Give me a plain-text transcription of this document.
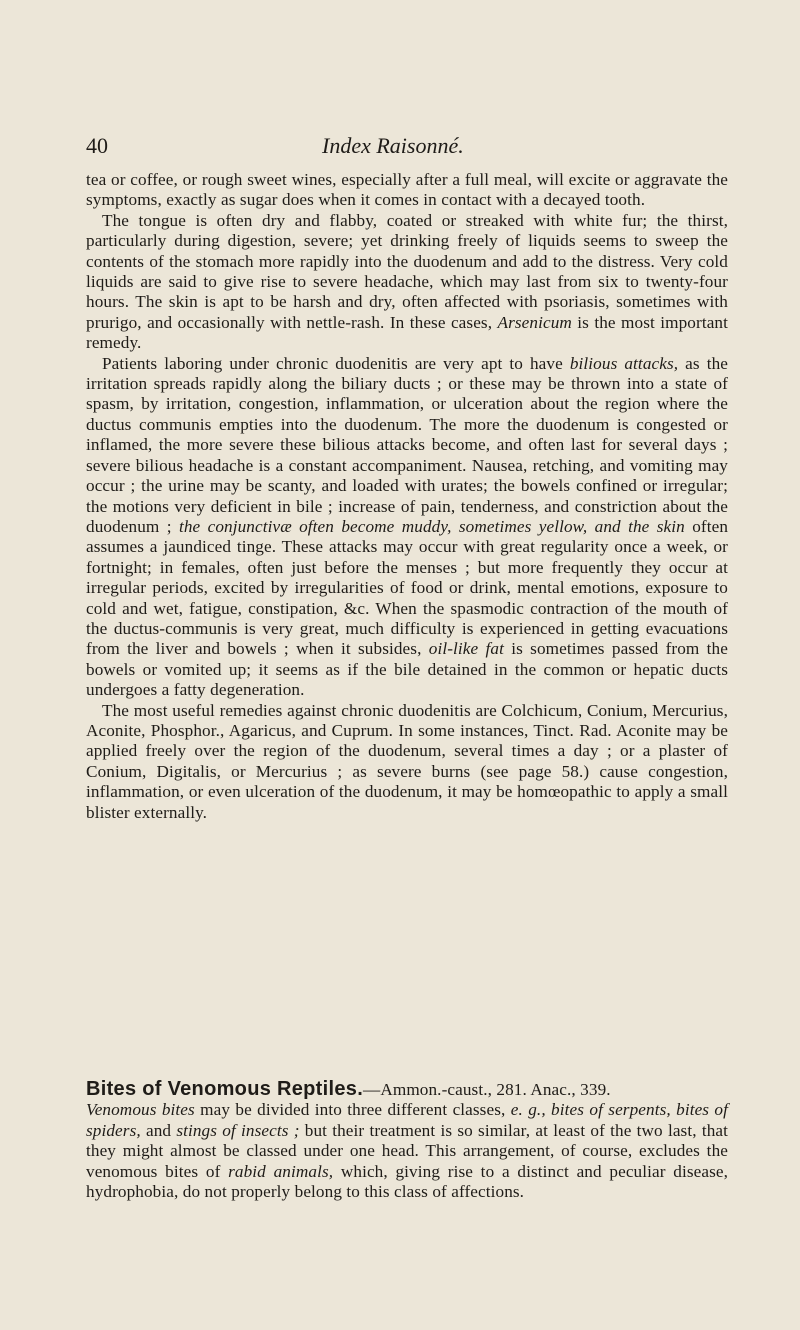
40	Index Raisonné.

tea or coffee, or rough sweet wines, especially after a full meal, will excite or aggravate the symptoms, exactly as sugar does when it comes in contact with a decayed tooth.

The tongue is often dry and flabby, coated or streaked with white fur; the thirst, particularly during digestion, severe; yet drinking freely of liquids seems to sweep the contents of the stomach more rapidly into the duodenum and add to the distress. Very cold liquids are said to give rise to severe headache, which may last from six to twenty-four hours. The skin is apt to be harsh and dry, often affected with psoriasis, sometimes with prurigo, and occasionally with nettle-rash. In these cases, Arsenicum is the most important remedy.

Patients laboring under chronic duodenitis are very apt to have bilious attacks, as the irritation spreads rapidly along the biliary ducts ; or these may be thrown into a state of spasm, by irritation, congestion, inflammation, or ulceration about the region where the ductus communis empties into the duodenum. The more the duodenum is congested or inflamed, the more severe these bilious attacks become, and often last for several days ; severe bilious headache is a constant accompaniment. Nausea, retching, and vomiting may occur ; the urine may be scanty, and loaded with urates; the bowels confined or irregular; the motions very deficient in bile ; increase of pain, tenderness, and constriction about the duodenum ; the conjunctivæ often become muddy, sometimes yellow, and the skin often assumes a jaundiced tinge. These attacks may occur with great regularity once a week, or fortnight; in females, often just before the menses ; but more frequently they occur at irregular periods, excited by irregularities of food or drink, mental emotions, exposure to cold and wet, fatigue, constipation, &c. When the spasmodic contraction of the mouth of the ductus-communis is very great, much difficulty is experienced in getting evacuations from the liver and bowels ; when it subsides, oil-like fat is sometimes passed from the bowels or vomited up; it seems as if the bile detained in the common or hepatic ducts undergoes a fatty degeneration.

The most useful remedies against chronic duodenitis are Colchicum, Conium, Mercurius, Aconite, Phosphor., Agaricus, and Cuprum. In some instances, Tinct. Rad. Aconite may be applied freely over the region of the duodenum, several times a day ; or a plaster of Conium, Digitalis, or Mercurius ; as severe burns (see page 58.) cause congestion, inflammation, or even ulceration of the duodenum, it may be homœopathic to apply a small blister externally.

Bites of Venomous Reptiles.—Ammon.-caust., 281. Anac., 339.

Venomous bites may be divided into three different classes, e. g., bites of serpents, bites of spiders, and stings of insects ; but their treatment is so similar, at least of the two last, that they might almost be classed under one head. This arrangement, of course, excludes the venomous bites of rabid animals, which, giving rise to a distinct and peculiar disease, hydrophobia, do not properly belong to this class of affections.
